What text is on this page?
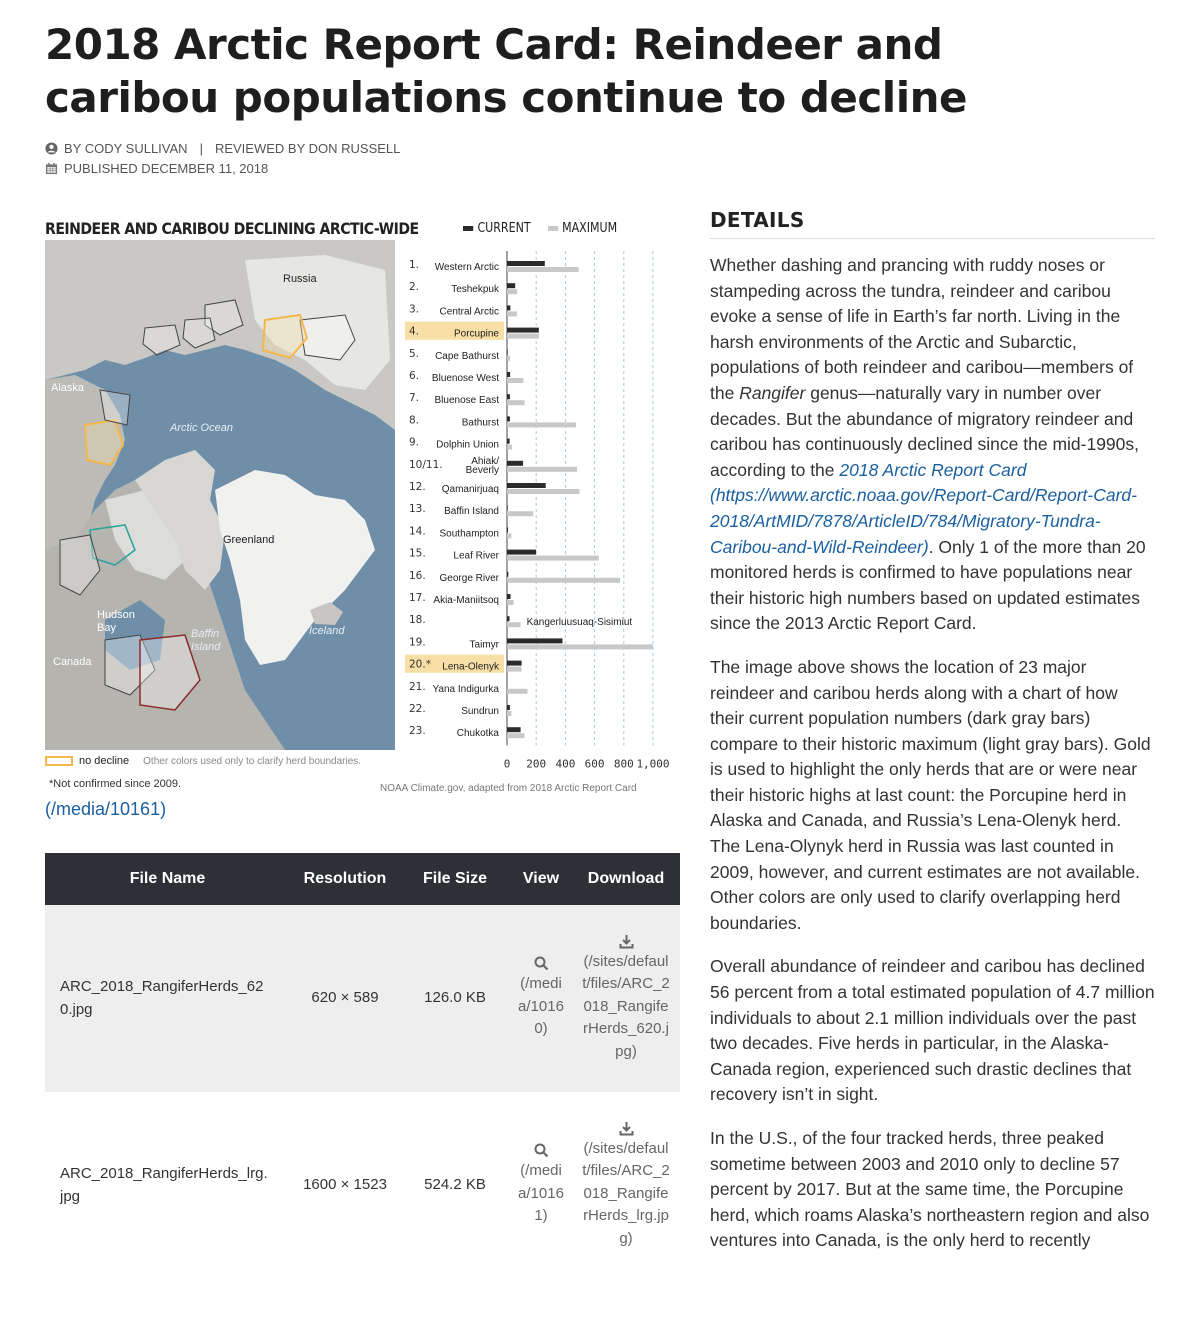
2018 Arctic Report Card: Reindeer and caribou populations continue to decline
BY CODY SULLIVAN | REVIEWED BY DON RUSSELL
PUBLISHED DECEMBER 11, 2018
REINDEER AND CARIBOU DECLINING ARCTIC-WIDE
Russia
Alaska
Arctic Ocean
Greenland
Hudson Bay	Baffin Island
Iceland
Canada
CURRENT	MAXIMUM
0 200 400 600 800 1,000
1. Western Arctic
2.	Teshekpuk
3. Central Arctic
4.	Porcupine
5. Cape Bathurst
6. Bluenose West
7. Bluenose East
8.	Bathurst
9. Dolphin Union
10/11.	Ahiak/
Beverly
12. Qamanirjuaq
13. Baffin Island
14. Southampton
15.	Leaf River
16. George River
17. Akia-Maniitsoq
18.	Kangerluusuaq-Sisimiut
19.	Taimyr
20.* Lena-Olenyk
21. Yana Indigurka
22.	Sundrun
23.	Chukotka
no decline Other colors used only to clarify herd boundaries.
*Not confirmed since 2009.	NOAA Climate.gov, adapted from 2018 Arctic Report Card
(/media/10161)
File Name	Resolution	File Size	View	Download
ARC_2018_RangiferHerds_620.jpg	620 × 589	126.0 KB	(/media/10160)	(/sites/default/files/ARC_2018_RangiferHerds_620.jpg)

ARC_2018_RangiferHerds_lrg.jpg	1600 × 1523	524.2 KB	(/media/10161)	(/sites/default/files/ARC_2018_RangiferHerds_lrg.jpg)
DETAILS

Whether dashing and prancing with ruddy noses or stampeding across the tundra, reindeer and caribou evoke a sense of life in Earth’s far north. Living in the harsh environments of the Arctic and Subarctic, populations of both reindeer and caribou—members of the Rangifer genus—naturally vary in number over decades. But the abundance of migratory reindeer and caribou has continuously declined since the mid-1990s, according to the 2018 Arctic Report Card (https://www.arctic.noaa.gov/Report-Card/Report-Card-2018/ArtMID/7878/ArticleID/784/Migratory-Tundra-Caribou-and-Wild-Reindeer). Only 1 of the more than 20 monitored herds is confirmed to have populations near their historic high numbers based on updated estimates since the 2013 Arctic Report Card.

The image above shows the location of 23 major reindeer and caribou herds along with a chart of how their current population numbers (dark gray bars) compare to their historic maximum (light gray bars). Gold is used to highlight the only herds that are or were near their historic highs at last count: the Porcupine herd in Alaska and Canada, and Russia’s Lena-Olenyk herd. The Lena-Olynyk herd in Russia was last counted in 2009, however, and current estimates are not available. Other colors are only used to clarify overlapping herd boundaries.

Overall abundance of reindeer and caribou has declined 56 percent from a total estimated population of 4.7 million individuals to about 2.1 million individuals over the past two decades. Five herds in particular, in the Alaska-Canada region, experienced such drastic declines that recovery isn’t in sight.

In the U.S., of the four tracked herds, three peaked sometime between 2003 and 2010 only to decline 57 percent by 2017. But at the same time, the Porcupine herd, which roams Alaska’s northeastern region and also ventures into Canada, is the only herd to recently
